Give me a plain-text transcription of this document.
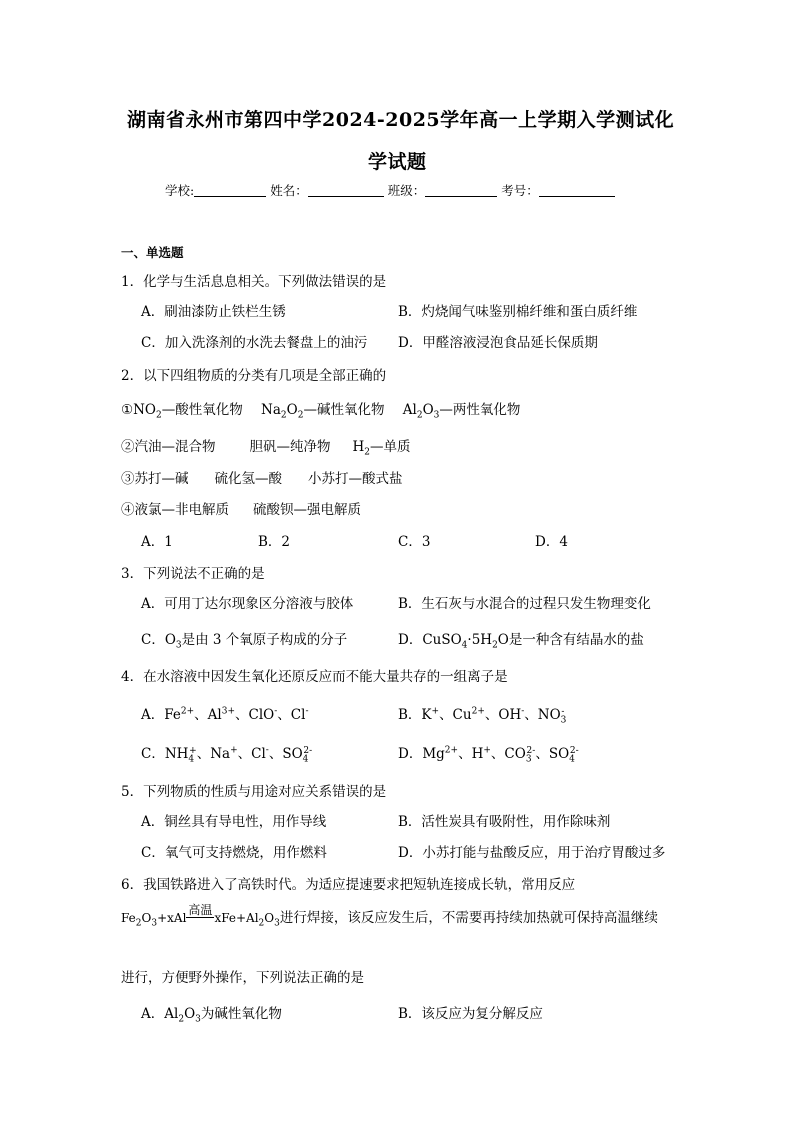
湖南省永州市第四中学2024-2025学年高一上学期入学测试化
学试题
学校:	姓名：	班级：	考号：
一、单选题
1．化学与生活息息相关。下列做法错误的是
A．刷油漆防止铁栏生锈	B．灼烧闻气味鉴别棉纤维和蛋白质纤维
C．加入洗涤剂的水洗去餐盘上的油污 D．甲醛溶液浸泡食品延长保质期
2．以下四组物质的分类有几项是全部正确的
$①NO_2—$酸性氧化物 $Na_2O_2—$碱性氧化物 $Al_2O_3—$两性氧化物
②汽油—混合物	胆矾—纯净物 $H_2—$单质
③苏打—碱 硫化氢—酸 小苏打—酸式盐
④液氯—非电解质 硫酸钡—强电解质
A．1	B．2	C．3	D．4
3．下列说法不正确的是
A．可用丁达尔现象区分溶液与胶体	B．生石灰与水混合的过程只发生物理变化
C．$O_3$是由 3 个氧原子构成的分子	D．$CuSO_4\cdot 5H_2O$是一种含有结晶水的盐
4．在水溶液中因发生氧化还原反应而不能大量共存的一组离子是
A．$Fe^{2+}$、$Al^{3+}$、ClO-、Cl-	B．K+、$Cu^{2+}$、OH-、$NO_3^-$
C．$NH_4^+$、Na+、Cl-、$SO_4^{2-}$	D．$Mg^{2+}$、H+、$CO_3^{2-}$、$SO_4^{2-}$
5．下列物质的性质与用途对应关系错误的是
A．铜丝具有导电性，用作导线	B．活性炭具有吸附性，用作除味剂
C．氧气可支持燃烧，用作燃料	D．小苏打能与盐酸反应，用于治疗胃酸过多
6．我国铁路进入了高铁时代。为适应提速要求把短轨连接成长轨，常用反应
$Fe_2O_3+xAl$
高温
$xFe+Al_2O_3$进行焊接，该反应发生后，不需要再持续加热就可保持高温继续
进行，方便野外操作，下列说法正确的是
A．$Al_2O_3$为碱性氧化物	B．该反应为复分解反应
